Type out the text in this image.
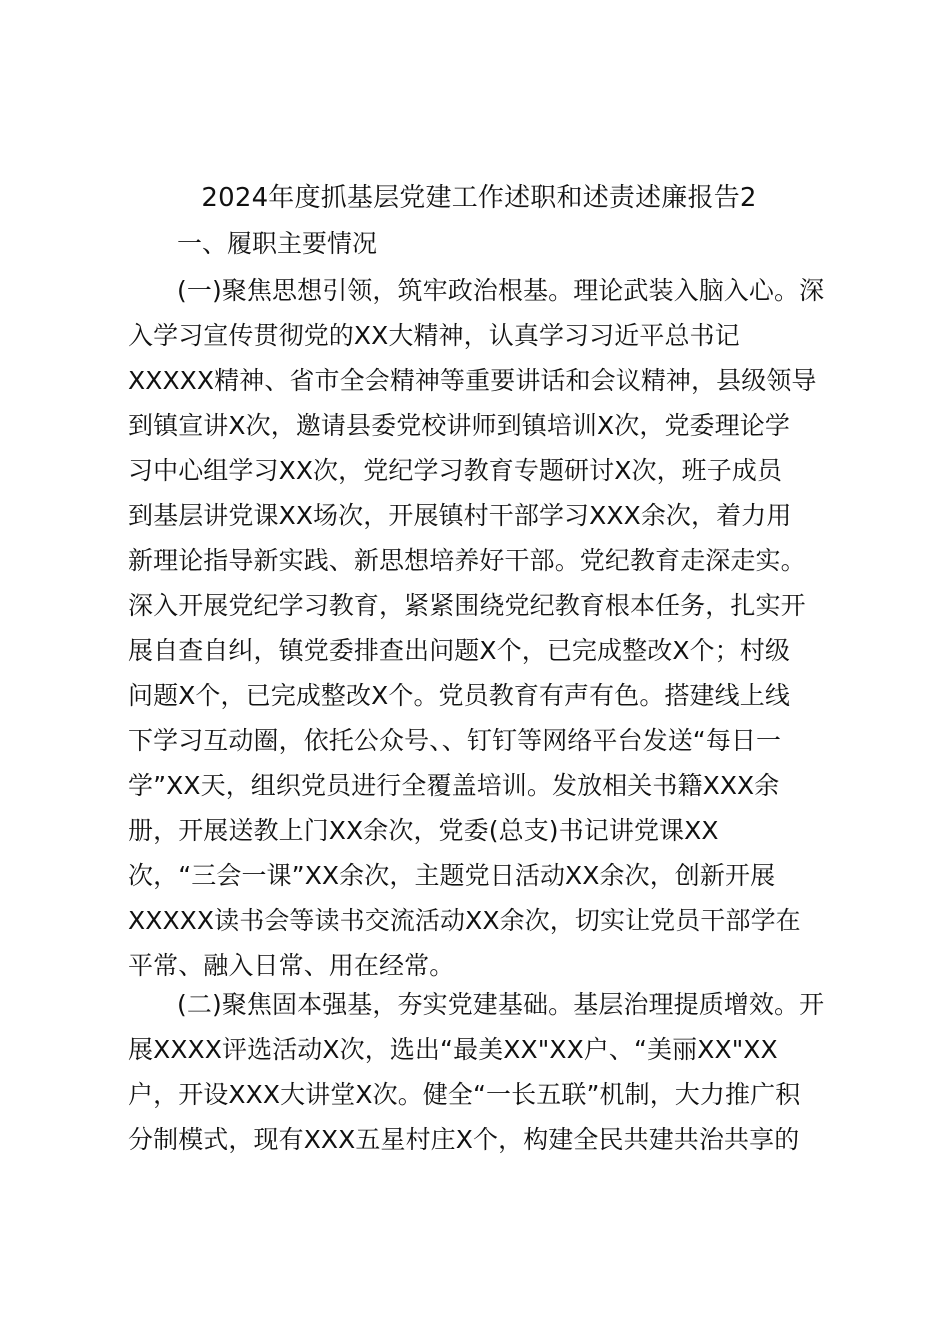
2024年度抓基层党建工作述职和述责述廉报告2
一、履职主要情况
(一)聚焦思想引领，筑牢政治根基。理论武装入脑入心。深
入学习宣传贯彻党的XX大精神，认真学习习近平总书记
XXXXX精神、省市全会精神等重要讲话和会议精神，县级领导
到镇宣讲X次，邀请县委党校讲师到镇培训X次，党委理论学
习中心组学习XX次，党纪学习教育专题研讨X次，班子成员
到基层讲党课XX场次，开展镇村干部学习XXX余次，着力用
新理论指导新实践、新思想培养好干部。党纪教育走深走实。
深入开展党纪学习教育，紧紧围绕党纪教育根本任务，扎实开
展自查自纠，镇党委排查出问题X个，已完成整改X个；村级
问题X个，已完成整改X个。党员教育有声有色。搭建线上线
下学习互动圈，依托公众号、、钉钉等网络平台发送“每日一
学”XX天，组织党员进行全覆盖培训。发放相关书籍XXX余
册，开展送教上门XX余次，党委(总支)书记讲党课XX
次，“三会一课”XX余次，主题党日活动XX余次，创新开展
XXXXX读书会等读书交流活动XX余次，切实让党员干部学在
平常、融入日常、用在经常。
(二)聚焦固本强基，夯实党建基础。基层治理提质增效。开
展XXXX评选活动X次，选出“最美XX"XX户、“美丽XX"XX
户，开设XXX大讲堂X次。健全“一长五联”机制，大力推广积
分制模式，现有XXX五星村庄X个，构建全民共建共治共享的
